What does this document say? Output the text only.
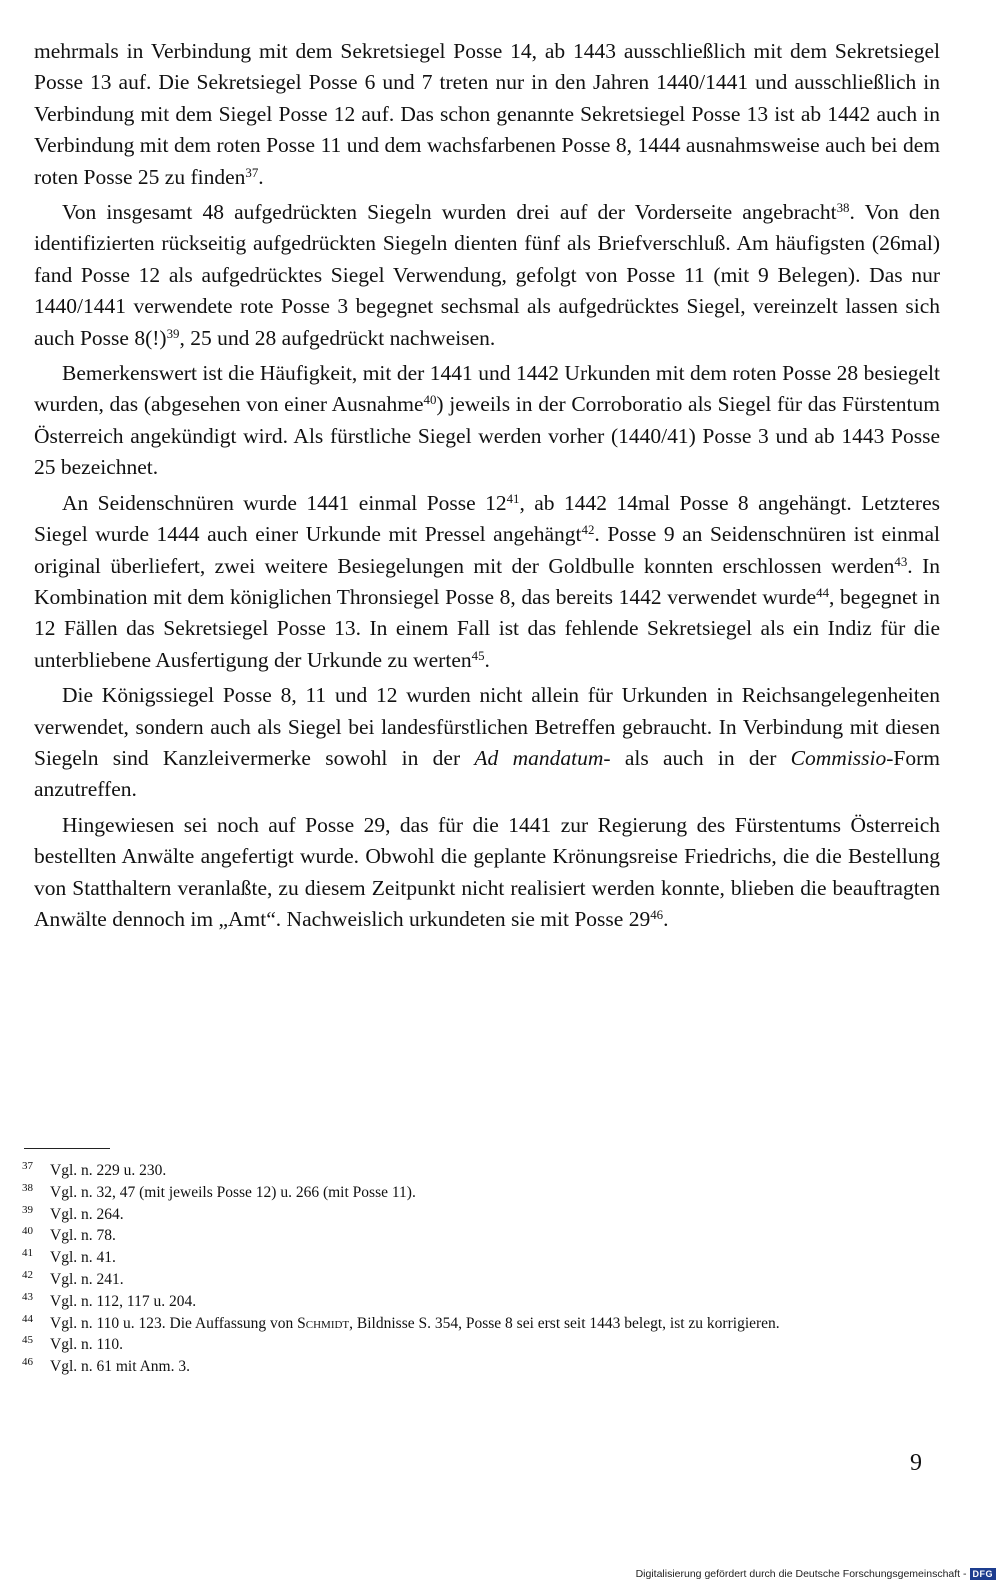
mehrmals in Verbindung mit dem Sekretsiegel Posse 14, ab 1443 ausschließlich mit dem Sekretsiegel Posse 13 auf. Die Sekretsiegel Posse 6 und 7 treten nur in den Jahren 1440/1441 und ausschließlich in Verbindung mit dem Siegel Posse 12 auf. Das schon genannte Sekretsiegel Posse 13 ist ab 1442 auch in Verbindung mit dem roten Posse 11 und dem wachsfarbenen Posse 8, 1444 ausnahmsweise auch bei dem roten Posse 25 zu finden$^{37}$.

Von insgesamt 48 aufgedrückten Siegeln wurden drei auf der Vorderseite angebracht$^{38}$. Von den identifizierten rückseitig aufgedrückten Siegeln dienten fünf als Briefverschluß. Am häufigsten (26mal) fand Posse 12 als aufgedrücktes Siegel Verwendung, gefolgt von Posse 11 (mit 9 Belegen). Das nur 1440/1441 verwendete rote Posse 3 begegnet sechsmal als aufgedrücktes Siegel, vereinzelt lassen sich auch Posse 8(!)$^{39}$, 25 und 28 aufgedrückt nachweisen.

Bemerkenswert ist die Häufigkeit, mit der 1441 und 1442 Urkunden mit dem roten Posse 28 besiegelt wurden, das (abgesehen von einer Ausnahme$^{40}$) jeweils in der Corroboratio als Siegel für das Fürstentum Österreich angekündigt wird. Als fürstliche Siegel werden vorher (1440/41) Posse 3 und ab 1443 Posse 25 bezeichnet.

An Seidenschnüren wurde 1441 einmal Posse $12^{41}$, ab 1442 14mal Posse 8 angehängt. Letzteres Siegel wurde 1444 auch einer Urkunde mit Pressel angehängt$^{42}$. Posse 9 an Seidenschnüren ist einmal original überliefert, zwei weitere Besiegelungen mit der Goldbulle konnten erschlossen werden$^{43}$. In Kombination mit dem königlichen Thronsiegel Posse 8, das bereits 1442 verwendet wurde$^{44}$, begegnet in 12 Fällen das Sekretsiegel Posse 13. In einem Fall ist das fehlende Sekretsiegel als ein Indiz für die unterbliebene Ausfertigung der Urkunde zu werten$^{45}$.

Die Königssiegel Posse 8, 11 und 12 wurden nicht allein für Urkunden in Reichsangelegenheiten verwendet, sondern auch als Siegel bei landesfürstlichen Betreffen gebraucht. In Verbindung mit diesen Siegeln sind Kanzleivermerke sowohl in der Ad mandatum- als auch in der Commissio-Form anzutreffen.

Hingewiesen sei noch auf Posse 29, das für die 1441 zur Regierung des Fürstentums Österreich bestellten Anwälte angefertigt wurde. Obwohl die geplante Krönungsreise Friedrichs, die die Bestellung von Statthaltern veranlaßte, zu diesem Zeitpunkt nicht realisiert werden konnte, blieben die beauftragten Anwälte dennoch im „Amt“. Nachweislich urkundeten sie mit Posse $29^{46}$.

37	Vgl. n. 229 u. 230.
38	Vgl. n. 32, 47 (mit jeweils Posse 12) u. 266 (mit Posse 11).
39	Vgl. n. 264.
40	Vgl. n. 78.
41	Vgl. n. 41.
42	Vgl. n. 241.
43	Vgl. n. 112, 117 u. 204.
44	Vgl. n. 110 u. 123. Die Auffassung von Schmidt, Bildnisse S. 354, Posse 8 sei erst seit 1443 belegt, ist zu korrigieren.
45	Vgl. n. 110.
46	Vgl. n. 61 mit Anm. 3.
9
Digitalisierung gefördert durch die Deutsche Forschungsgemeinschaft - DFG
